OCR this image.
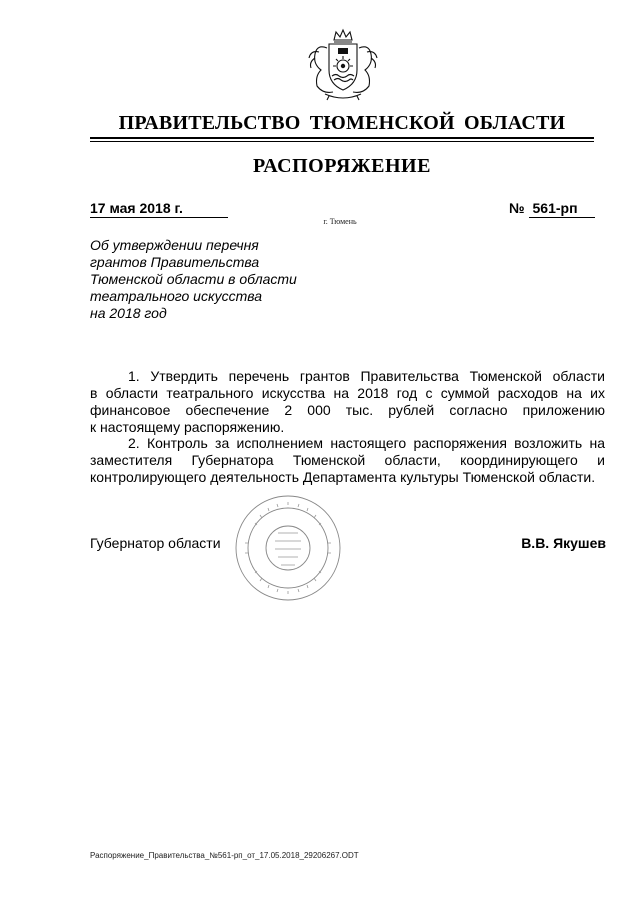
ПРАВИТЕЛЬСТВО ТЮМЕНСКОЙ ОБЛАСТИ
РАСПОРЯЖЕНИЕ
17 мая 2018 г.	№ 561-рп
г. Тюмень
Об утверждении перечня
грантов Правительства
Тюменской области в области
театрального искусства
на 2018 год
1. Утвердить перечень грантов Правительства Тюменской области
в области театрального искусства на 2018 год с суммой расходов на их
финансовое обеспечение 2 000 тыс. рублей согласно приложению
к настоящему распоряжению.
2. Контроль за исполнением настоящего распоряжения возложить на
заместителя Губернатора Тюменской области, координирующего и
контролирующего деятельность Департамента культуры Тюменской области.
Губернатор области	В.В. Якушев
Распоряжение_Правительства_№561-рп_от_17.05.2018_29206267.ODT
